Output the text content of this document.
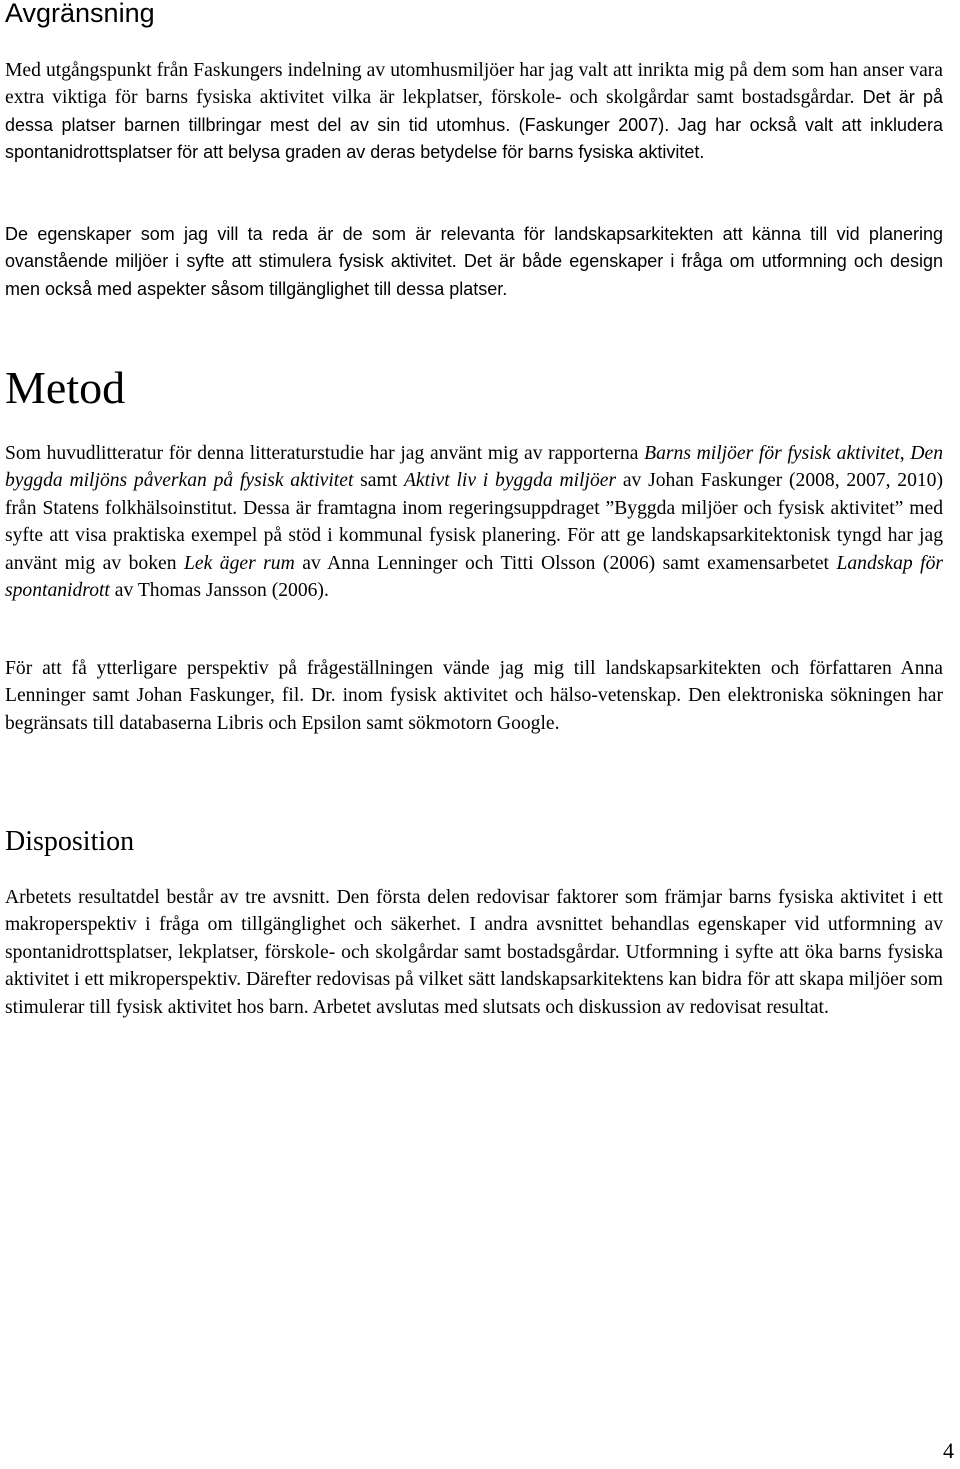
Avgränsning

Med utgångspunkt från Faskungers indelning av utomhusmiljöer har jag valt att inrikta mig på dem som han anser vara extra viktiga för barns fysiska aktivitet vilka är lekplatser, förskole- och skolgårdar samt bostadsgårdar. Det är på dessa platser barnen tillbringar mest del av sin tid utomhus. (Faskunger 2007). Jag har också valt att inkludera spontanidrottsplatser för att belysa graden av deras betydelse för barns fysiska aktivitet.

De egenskaper som jag vill ta reda är de som är relevanta för landskapsarkitekten att känna till vid planering ovanstående miljöer i syfte att stimulera fysisk aktivitet. Det är både egenskaper i fråga om utformning och design men också med aspekter såsom tillgänglighet till dessa platser.

Metod

Som huvudlitteratur för denna litteraturstudie har jag använt mig av rapporterna Barns miljöer för fysisk aktivitet, Den byggda miljöns påverkan på fysisk aktivitet samt Aktivt liv i byggda miljöer av Johan Faskunger (2008, 2007, 2010) från Statens folkhälsoinstitut. Dessa är framtagna inom regeringsuppdraget ”Byggda miljöer och fysisk aktivitet” med syfte att visa praktiska exempel på stöd i kommunal fysisk planering. För att ge landskapsarkitektonisk tyngd har jag använt mig av boken Lek äger rum av Anna Lenninger och Titti Olsson (2006) samt examensarbetet Landskap för spontanidrott av Thomas Jansson (2006).

För att få ytterligare perspektiv på frågeställningen vände jag mig till landskapsarkitekten och författaren Anna Lenninger samt Johan Faskunger, fil. Dr. inom fysisk aktivitet och hälso-vetenskap. Den elektroniska sökningen har begränsats till databaserna Libris och Epsilon samt sökmotorn Google.

Disposition

Arbetets resultatdel består av tre avsnitt. Den första delen redovisar faktorer som främjar barns fysiska aktivitet i ett makroperspektiv i fråga om tillgänglighet och säkerhet. I andra avsnittet behandlas egenskaper vid utformning av spontanidrottsplatser, lekplatser, förskole- och skolgårdar samt bostadsgårdar. Utformning i syfte att öka barns fysiska aktivitet i ett mikroperspektiv. Därefter redovisas på vilket sätt landskapsarkitektens kan bidra för att skapa miljöer som stimulerar till fysisk aktivitet hos barn. Arbetet avslutas med slutsats och diskussion av redovisat resultat.

4
